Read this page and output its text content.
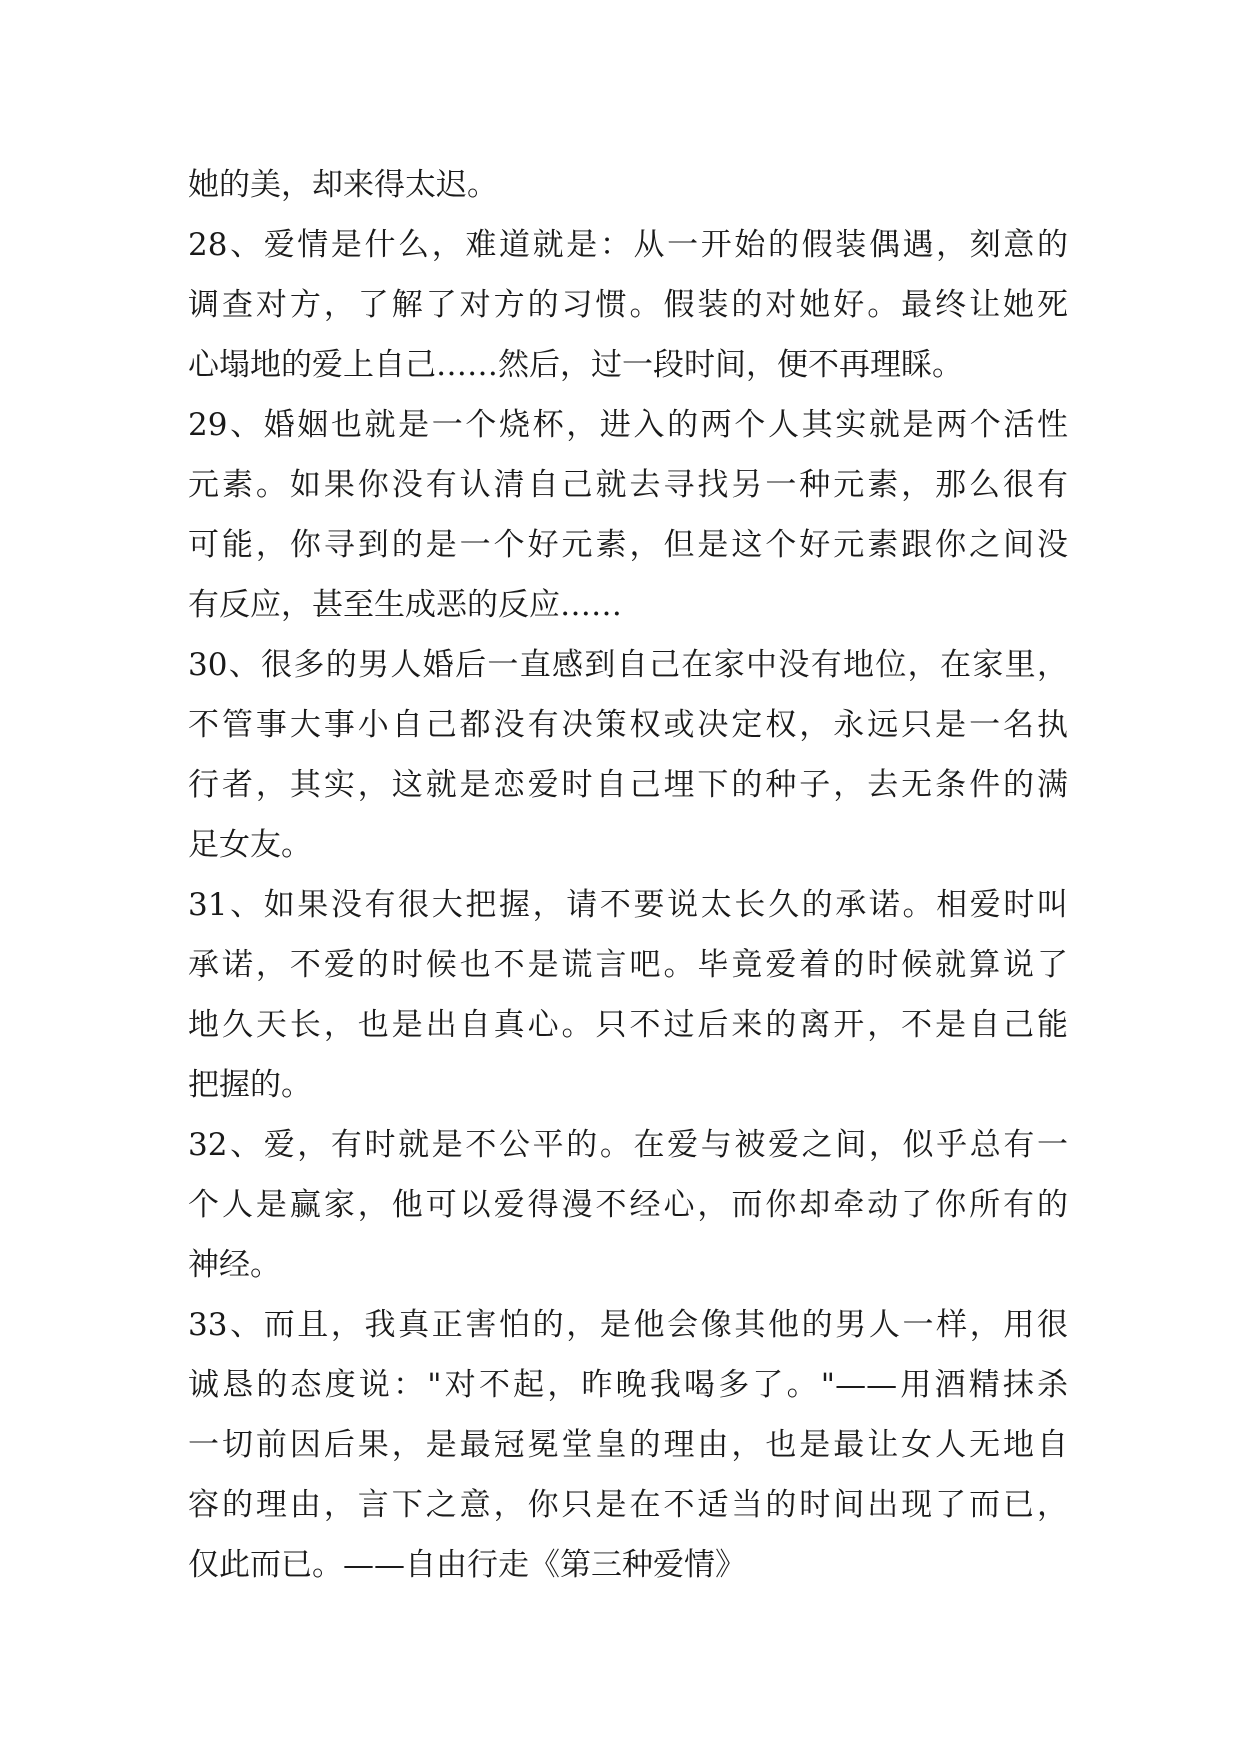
她的美，却来得太迟。
28、爱情是什么，难道就是：从一开始的假装偶遇，刻意的
调查对方，了解了对方的习惯。假装的对她好。最终让她死
心塌地的爱上自己……然后，过一段时间，便不再理睬。
29、婚姻也就是一个烧杯，进入的两个人其实就是两个活性
元素。如果你没有认清自己就去寻找另一种元素，那么很有
可能，你寻到的是一个好元素，但是这个好元素跟你之间没
有反应，甚至生成恶的反应……
30、很多的男人婚后一直感到自己在家中没有地位，在家里，
不管事大事小自己都没有决策权或决定权，永远只是一名执
行者，其实，这就是恋爱时自己埋下的种子，去无条件的满
足女友。
31、如果没有很大把握，请不要说太长久的承诺。相爱时叫
承诺，不爱的时候也不是谎言吧。毕竟爱着的时候就算说了
地久天长，也是出自真心。只不过后来的离开，不是自己能
把握的。
32、爱，有时就是不公平的。在爱与被爱之间，似乎总有一
个人是赢家，他可以爱得漫不经心，而你却牵动了你所有的
神经。
33、而且，我真正害怕的，是他会像其他的男人一样，用很
诚恳的态度说："对不起，昨晚我喝多了。"——用酒精抹杀
一切前因后果，是最冠冕堂皇的理由，也是最让女人无地自
容的理由，言下之意，你只是在不适当的时间出现了而已，
仅此而已。——自由行走《第三种爱情》
